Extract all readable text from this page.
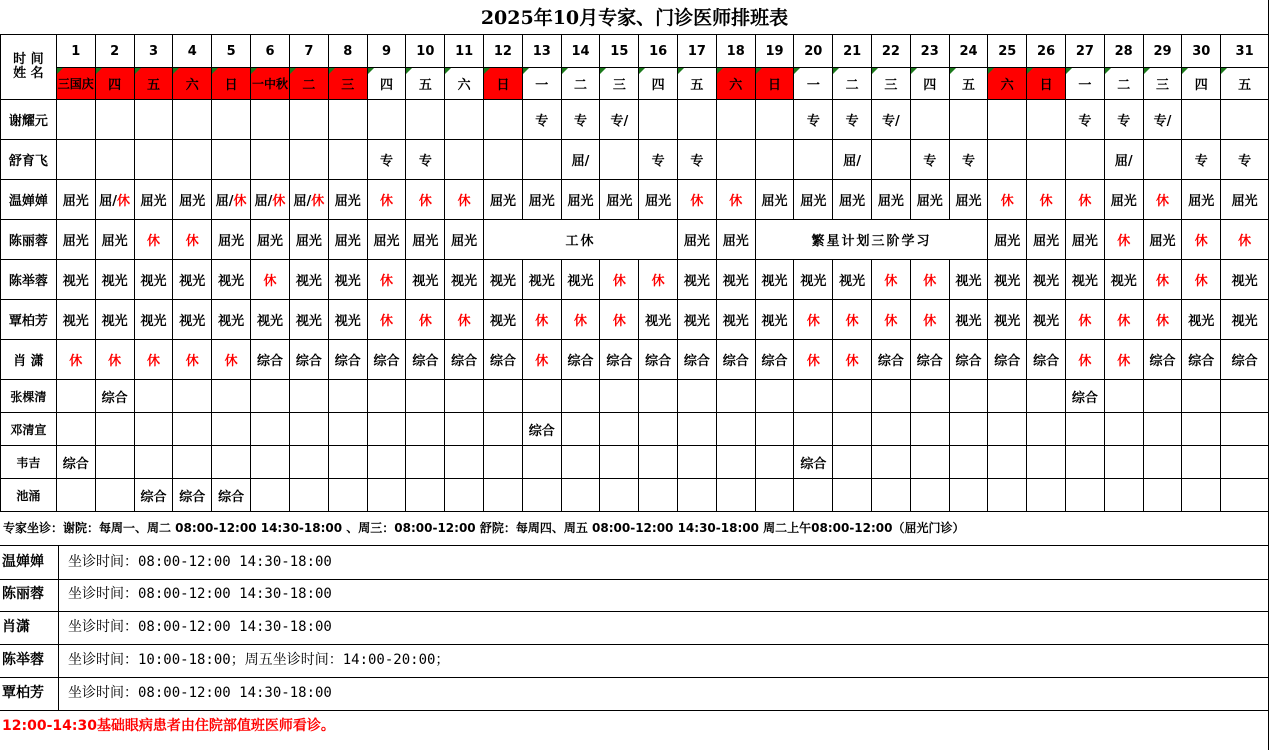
2025年10月专家、门诊医师排班表
时 间
姓 名	1	2	3	4	5	6	7	8	9	10	11	12	13	14	15	16	17	18	19	20	21	22	23	24	25	26	27	28	29	30	31

	三国庆	四	五	六	日	一中秋	二	三	四	五	六	日	一	二	三	四	五	六	日	一	二	三	四	五	六	日	一	二	三	四	五
谢耀元													专	专	专/					专	专	专/					专	专	专/		
舒育飞									专	专				屈/		专	专				屈/		专	专				屈/		专	专
温婵婵	屈光	屈/休	屈光	屈光	屈/休	屈/休	屈/休	屈光	休	休	休	屈光	屈光	屈光	屈光	屈光	休	休	屈光	屈光	屈光	屈光	屈光	屈光	休	休	休	屈光	休	屈光	屈光
陈丽蓉	屈光	屈光	休	休	屈光	屈光	屈光	屈光	屈光	屈光	屈光	工休					屈光	屈光	繁星计划三阶学习						屈光	屈光	屈光	休	屈光	休	休
陈举蓉	视光	视光	视光	视光	视光	休	视光	视光	休	视光	视光	视光	视光	视光	休	休	视光	视光	视光	视光	视光	休	休	视光	视光	视光	视光	视光	休	休	视光
覃柏芳	视光	视光	视光	视光	视光	视光	视光	视光	休	休	休	视光	休	休	休	视光	视光	视光	视光	休	休	休	休	视光	视光	视光	休	休	休	视光	视光
肖 潇	休	休	休	休	休	综合	综合	综合	综合	综合	综合	综合	休	综合	综合	综合	综合	综合	综合	休	休	综合	综合	综合	综合	综合	休	休	综合	综合	综合
张棵清		综合																									综合				
邓清宣													综合																		
韦吉	综合																			综合											
池涌			综合	综合	综合																										
专家坐诊：谢院：每周一、周二 08:00-12:00 14:30-18:00 、周三：08:00-12:00 舒院：每周四、周五 08:00-12:00 14:30-18:00 周二上午08:00-12:00（屈光门诊）
温婵婵 坐诊时间：08:00-12:00 14:30-18:00
陈丽蓉 坐诊时间：08:00-12:00 14:30-18:00
肖潇	坐诊时间：08:00-12:00 14:30-18:00
陈举蓉 坐诊时间：10:00-18:00；周五坐诊时间：14:00-20:00；
覃柏芳 坐诊时间：08:00-12:00 14:30-18:00
12:00-14:30基础眼病患者由住院部值班医师看诊。
